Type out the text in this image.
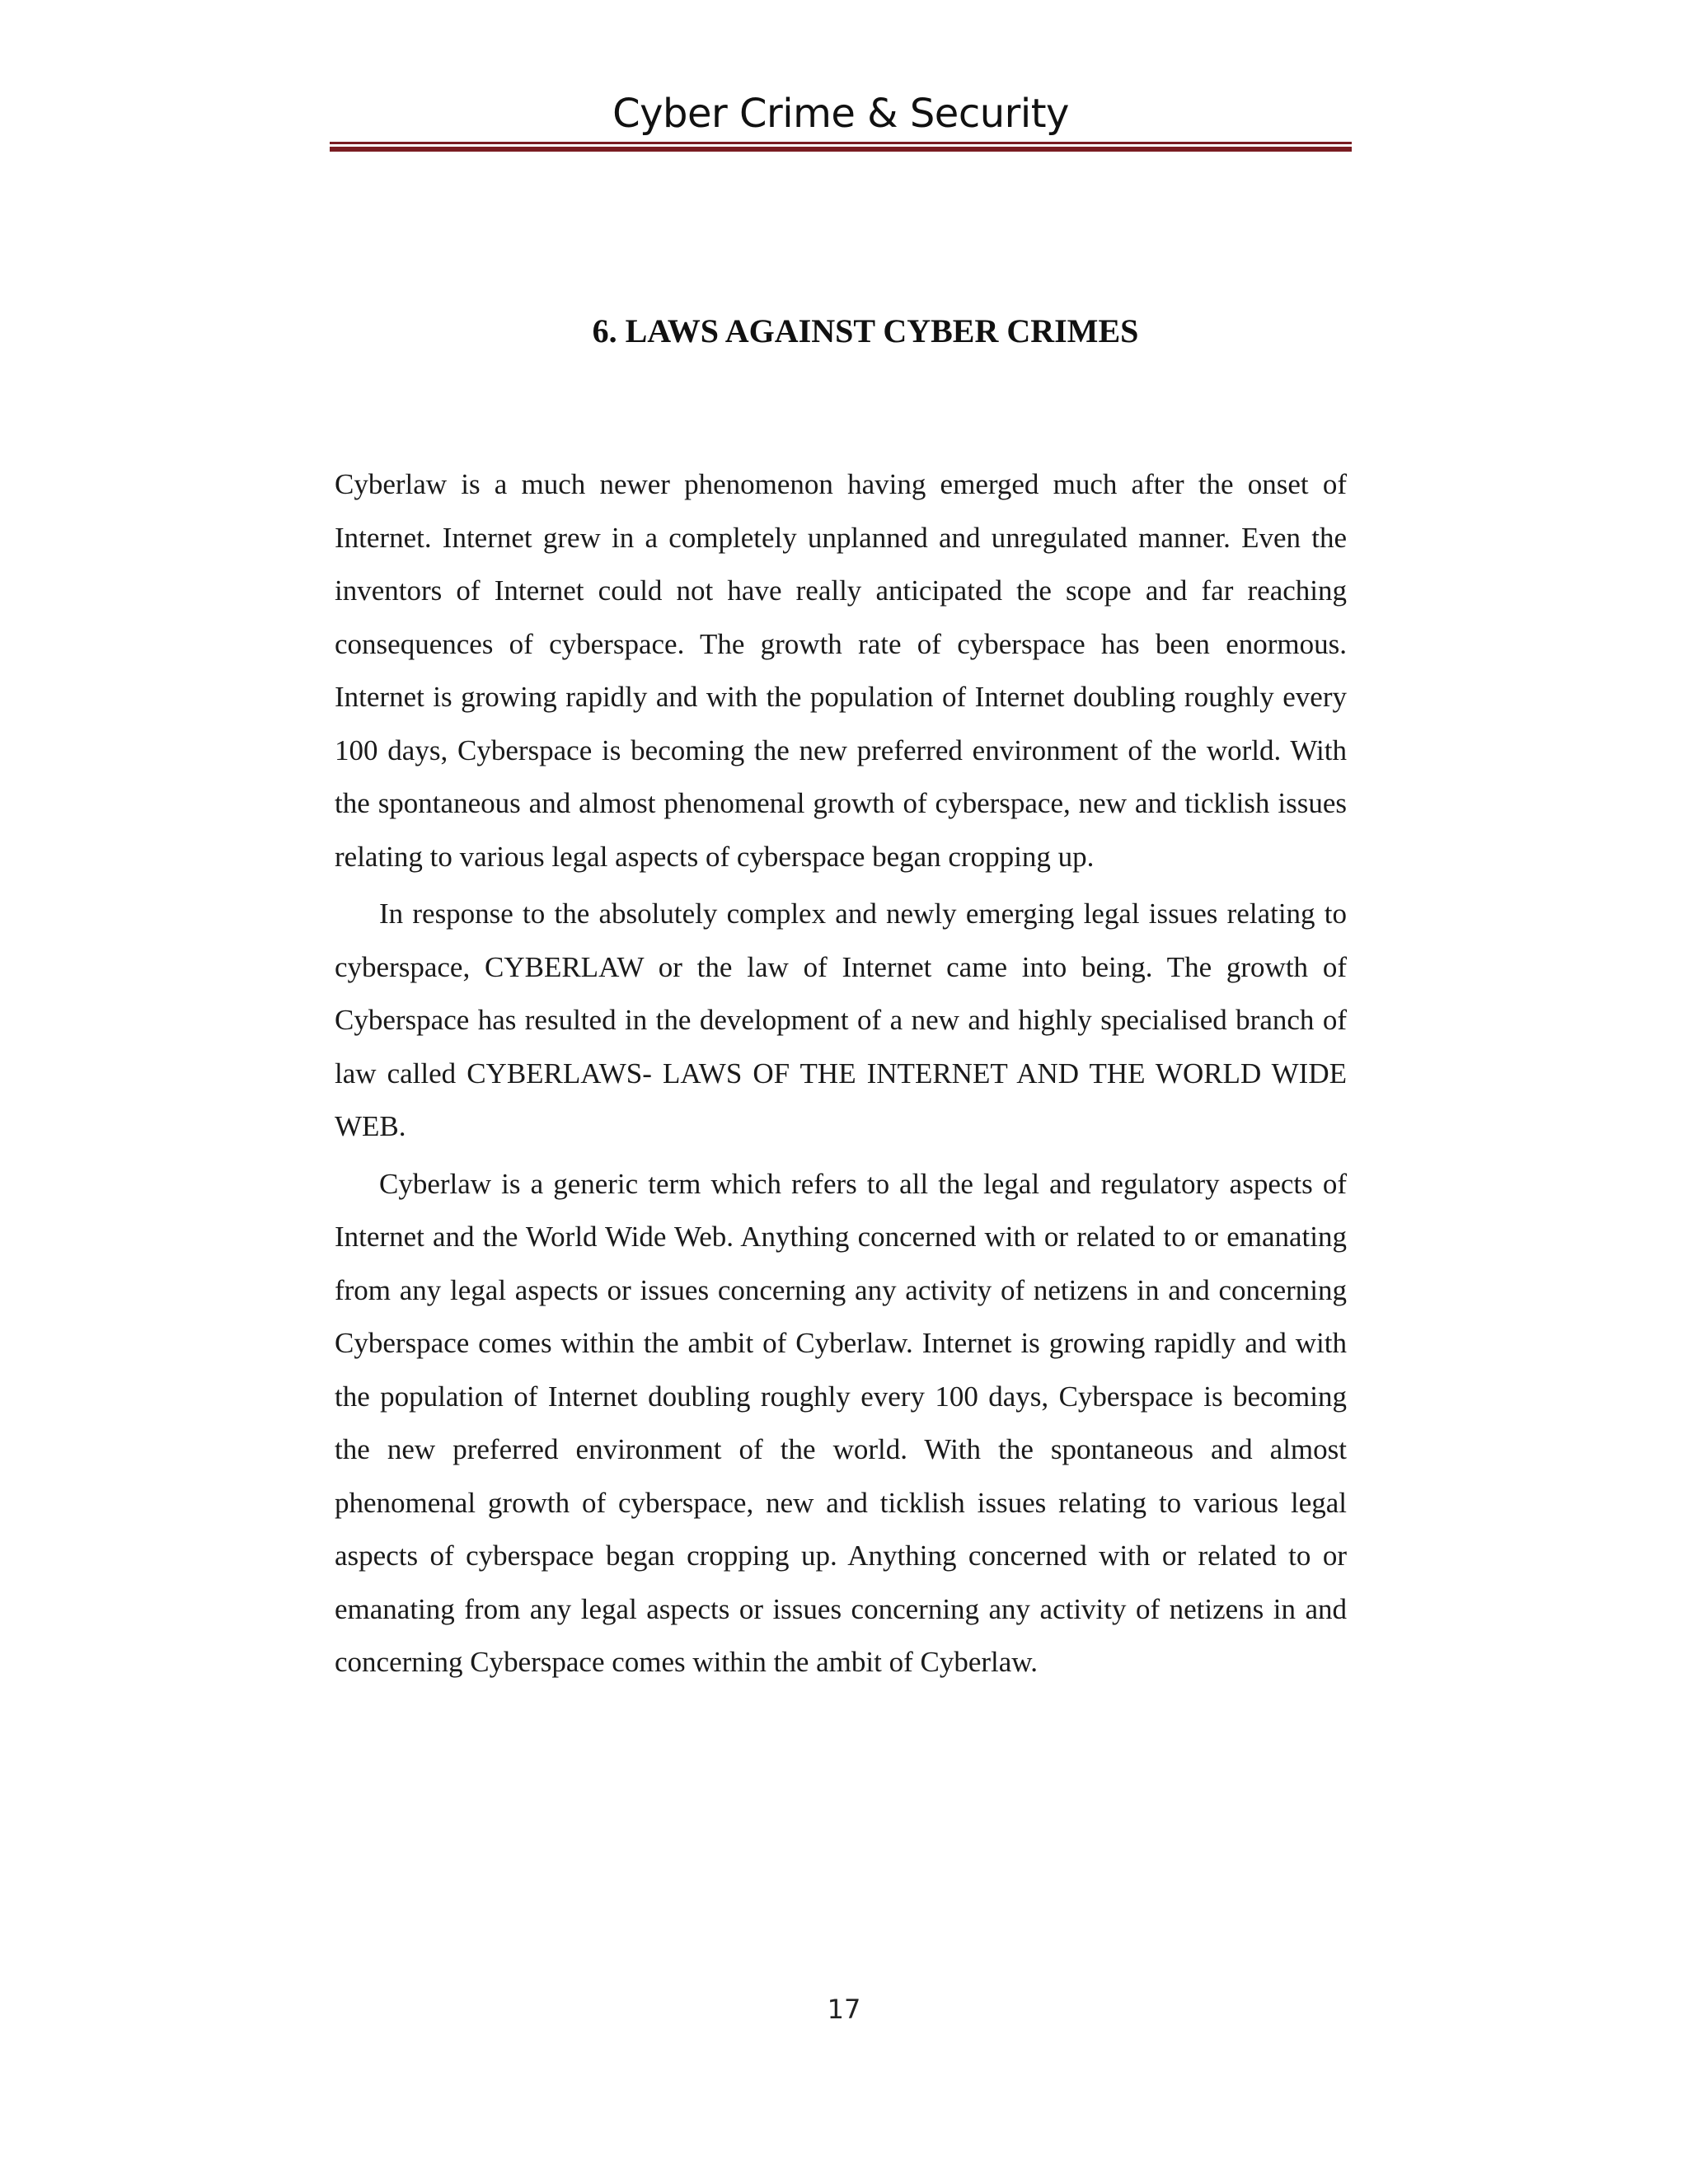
Cyber Crime & Security
6. LAWS AGAINST CYBER CRIMES

Cyberlaw is a much newer phenomenon having emerged much after the onset of Internet. Internet grew in a completely unplanned and unregulated manner. Even the inventors of Internet could not have really anticipated the scope and far reaching consequences of cyberspace. The growth rate of cyberspace has been enormous. Internet is growing rapidly and with the population of Internet doubling roughly every 100 days, Cyberspace is becoming the new preferred environment of the world. With the spontaneous and almost phenomenal growth of cyberspace, new and ticklish issues relating to various legal aspects of cyberspace began cropping up.

In response to the absolutely complex and newly emerging legal issues relating to cyberspace, CYBERLAW or the law of Internet came into being. The growth of Cyberspace has resulted in the development of a new and highly specialised branch of law called CYBERLAWS- LAWS OF THE INTERNET AND THE WORLD WIDE WEB.

Cyberlaw is a generic term which refers to all the legal and regulatory aspects of Internet and the World Wide Web. Anything concerned with or related to or emanating from any legal aspects or issues concerning any activity of netizens in and concerning Cyberspace comes within the ambit of Cyberlaw. Internet is growing rapidly and with the population of Internet doubling roughly every 100 days, Cyberspace is becoming the new preferred environment of the world. With the spontaneous and almost phenomenal growth of cyberspace, new and ticklish issues relating to various legal aspects of cyberspace began cropping up. Anything concerned with or related to or emanating from any legal aspects or issues concerning any activity of netizens in and concerning Cyberspace comes within the ambit of Cyberlaw.

17
